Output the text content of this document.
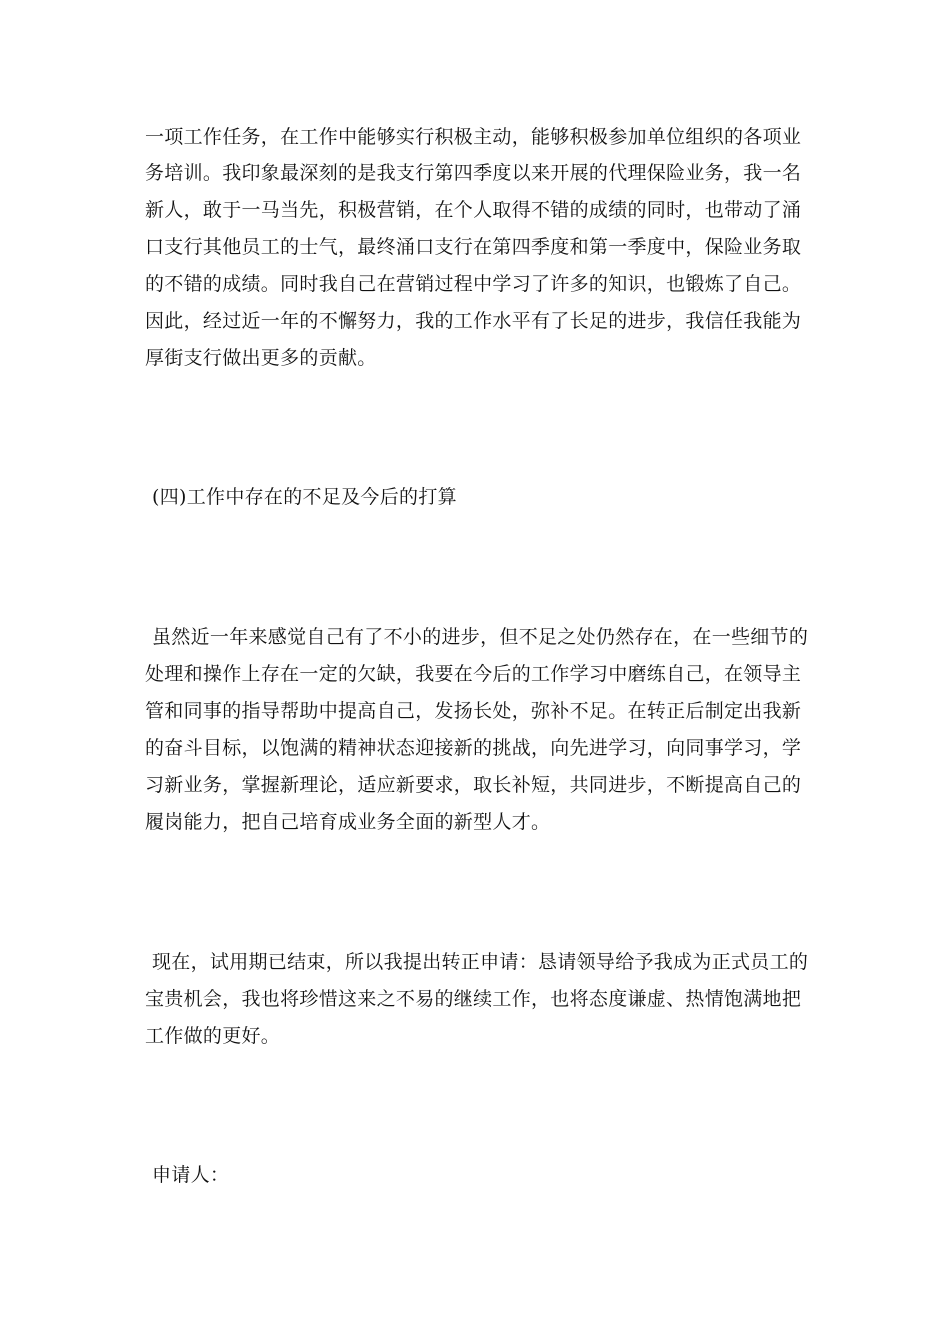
一项工作任务，在工作中能够实行积极主动，能够积极参加单位组织的各项业
务培训。我印象最深刻的是我支行第四季度以来开展的代理保险业务，我一名
新人，敢于一马当先，积极营销，在个人取得不错的成绩的同时，也带动了涌
口支行其他员工的士气，最终涌口支行在第四季度和第一季度中，保险业务取
的不错的成绩。同时我自己在营销过程中学习了许多的知识，也锻炼了自己。
因此，经过近一年的不懈努力，我的工作水平有了长足的进步，我信任我能为
厚街支行做出更多的贡献。
(四)工作中存在的不足及今后的打算
虽然近一年来感觉自己有了不小的进步，但不足之处仍然存在，在一些细节的
处理和操作上存在一定的欠缺，我要在今后的工作学习中磨练自己，在领导主
管和同事的指导帮助中提高自己，发扬长处，弥补不足。在转正后制定出我新
的奋斗目标，以饱满的精神状态迎接新的挑战，向先进学习，向同事学习，学
习新业务，掌握新理论，适应新要求，取长补短，共同进步，不断提高自己的
履岗能力，把自己培育成业务全面的新型人才。
现在，试用期已结束，所以我提出转正申请：恳请领导给予我成为正式员工的
宝贵机会，我也将珍惜这来之不易的继续工作，也将态度谦虚、热情饱满地把
工作做的更好。
申请人：
